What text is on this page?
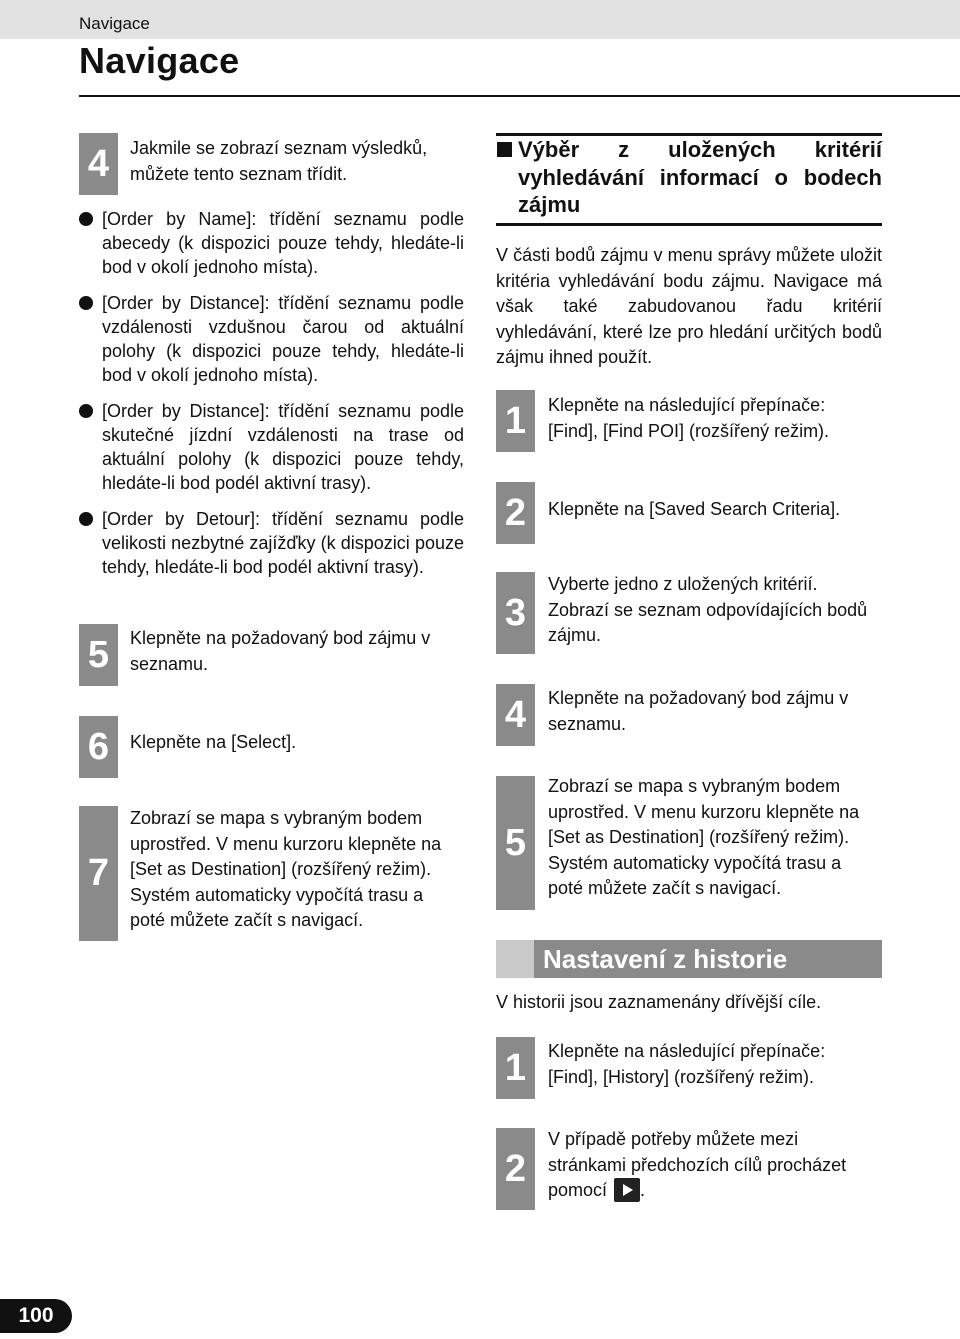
Navigace
Navigace
4	Jakmile se zobrazí seznam výsledků, můžete tento seznam třídit.
[Order by Name]: třídění seznamu podle abecedy (k dispozici pouze tehdy, hledáte-li bod v okolí jednoho místa).
[Order by Distance]: třídění seznamu podle vzdálenosti vzdušnou čarou od aktuální polohy (k dispozici pouze tehdy, hledáte-li bod v okolí jednoho místa).
[Order by Distance]: třídění seznamu podle skutečné jízdní vzdálenosti na trase od aktuální polohy (k dispozici pouze tehdy, hledáte-li bod podél aktivní trasy).
[Order by Detour]: třídění seznamu podle velikosti nezbytné zajížďky (k dispozici pouze tehdy, hledáte-li bod podél aktivní trasy).
5	Klepněte na požadovaný bod zájmu v seznamu.
6	Klepněte na [Select].
7
Zobrazí se mapa s vybraným bodem uprostřed. V menu kurzoru klepněte na [Set as Destination] (rozšířený režim). Systém automaticky vypočítá trasu a poté můžete začít s navigací.
Výběr z uložených kritérií vyhledávání informací o bodech zájmu
V části bodů zájmu v menu správy můžete uložit kritéria vyhledávání bodu zájmu. Navigace má však také zabudovanou řadu kritérií vyhledávání, které lze pro hledání určitých bodů zájmu ihned použít.
1	Klepněte na následující přepínače: [Find], [Find POI] (rozšířený režim).
2	Klepněte na [Saved Search Criteria].
3
Vyberte jedno z uložených kritérií. Zobrazí se seznam odpovídajících bodů zájmu.
4	Klepněte na požadovaný bod zájmu v seznamu.
5
Zobrazí se mapa s vybraným bodem uprostřed. V menu kurzoru klepněte na [Set as Destination] (rozšířený režim). Systém automaticky vypočítá trasu a poté můžete začít s navigací.
Nastavení z historie
V historii jsou zaznamenány dřívější cíle.
1	Klepněte na následující přepínače: [Find], [History] (rozšířený režim).
2
V případě potřeby můžete mezi stránkami předchozích cílů procházet pomocí .
100
